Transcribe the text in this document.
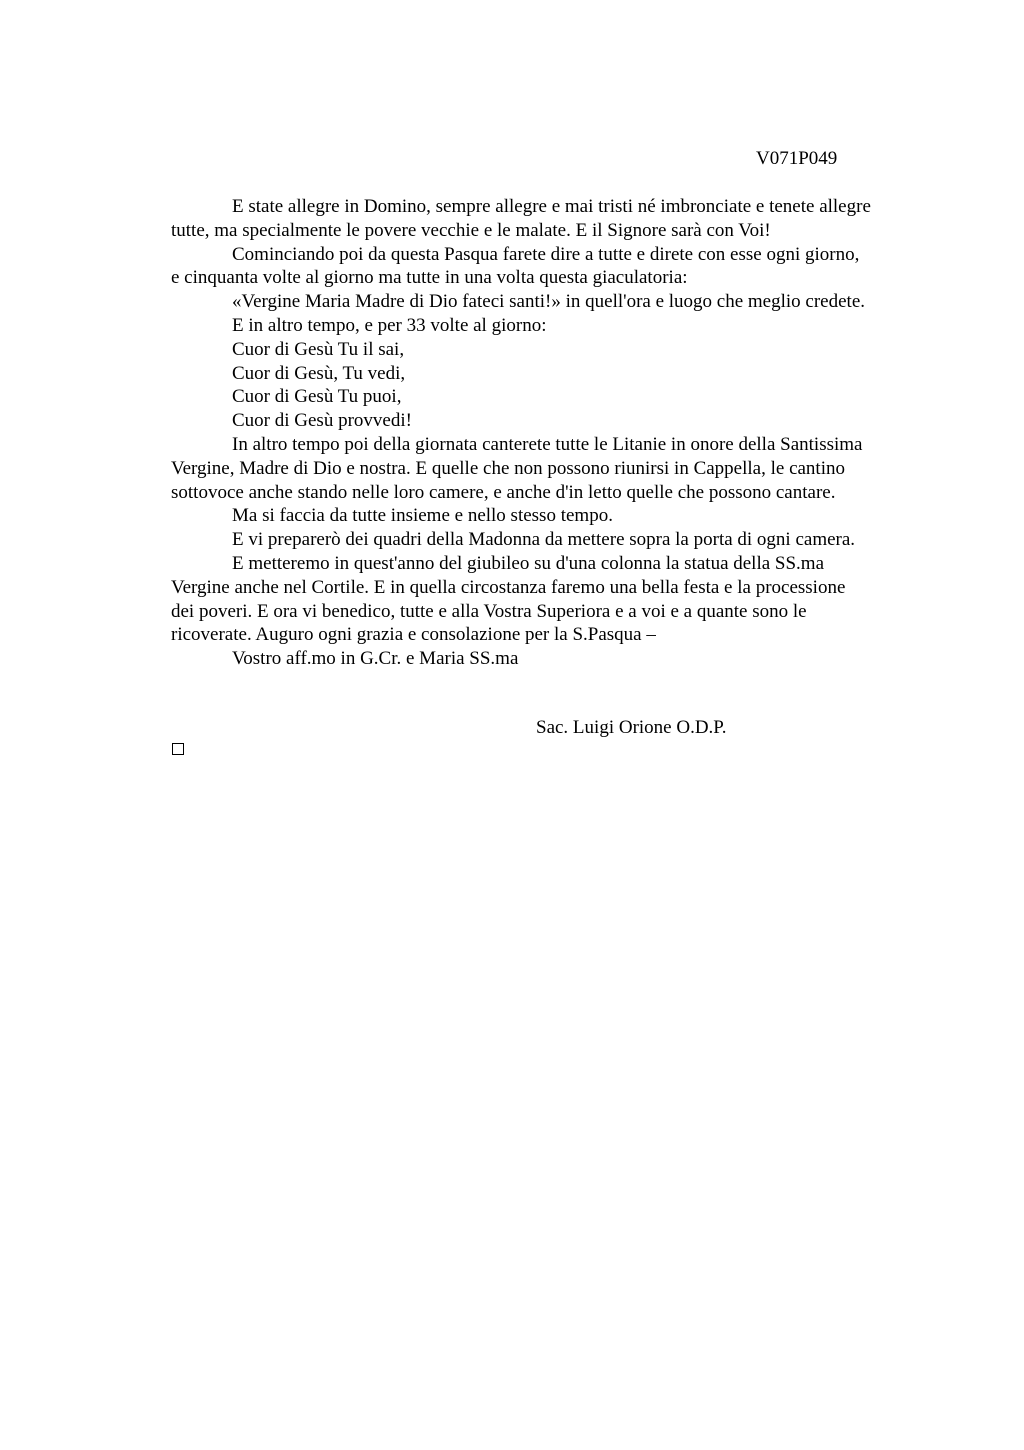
V071P049

E state allegre in Domino, sempre allegre e mai tristi né imbronciate e tenete allegre
tutte, ma specialmente le povere vecchie e le malate. E il Signore sarà con Voi!

Cominciando poi da questa Pasqua farete dire a tutte e direte con esse ogni giorno,
e cinquanta volte al giorno ma tutte in una volta questa giaculatoria:

«Vergine Maria Madre di Dio fateci santi!» in quell'ora e luogo che meglio credete.

E in altro tempo, e per 33 volte al giorno:

Cuor di Gesù Tu il sai,

Cuor di Gesù, Tu vedi,

Cuor di Gesù Tu puoi,

Cuor di Gesù provvedi!

In altro tempo poi della giornata canterete tutte le Litanie in onore della Santissima
Vergine, Madre di Dio e nostra. E quelle che non possono riunirsi in Cappella, le cantino
sottovoce anche stando nelle loro camere, e anche d'in letto quelle che possono cantare.

Ma si faccia da tutte insieme e nello stesso tempo.

E vi preparerò dei quadri della Madonna da mettere sopra la porta di ogni camera.

E metteremo in quest'anno del giubileo su d'una colonna la statua della SS.ma
Vergine anche nel Cortile. E in quella circostanza faremo una bella festa e la processione
dei poveri. E ora vi benedico, tutte e alla Vostra Superiora e a voi e a quante sono le
ricoverate. Auguro ogni grazia e consolazione per la S.Pasqua –

Vostro aff.mo in G.Cr. e Maria SS.ma

Sac. Luigi Orione O.D.P.
